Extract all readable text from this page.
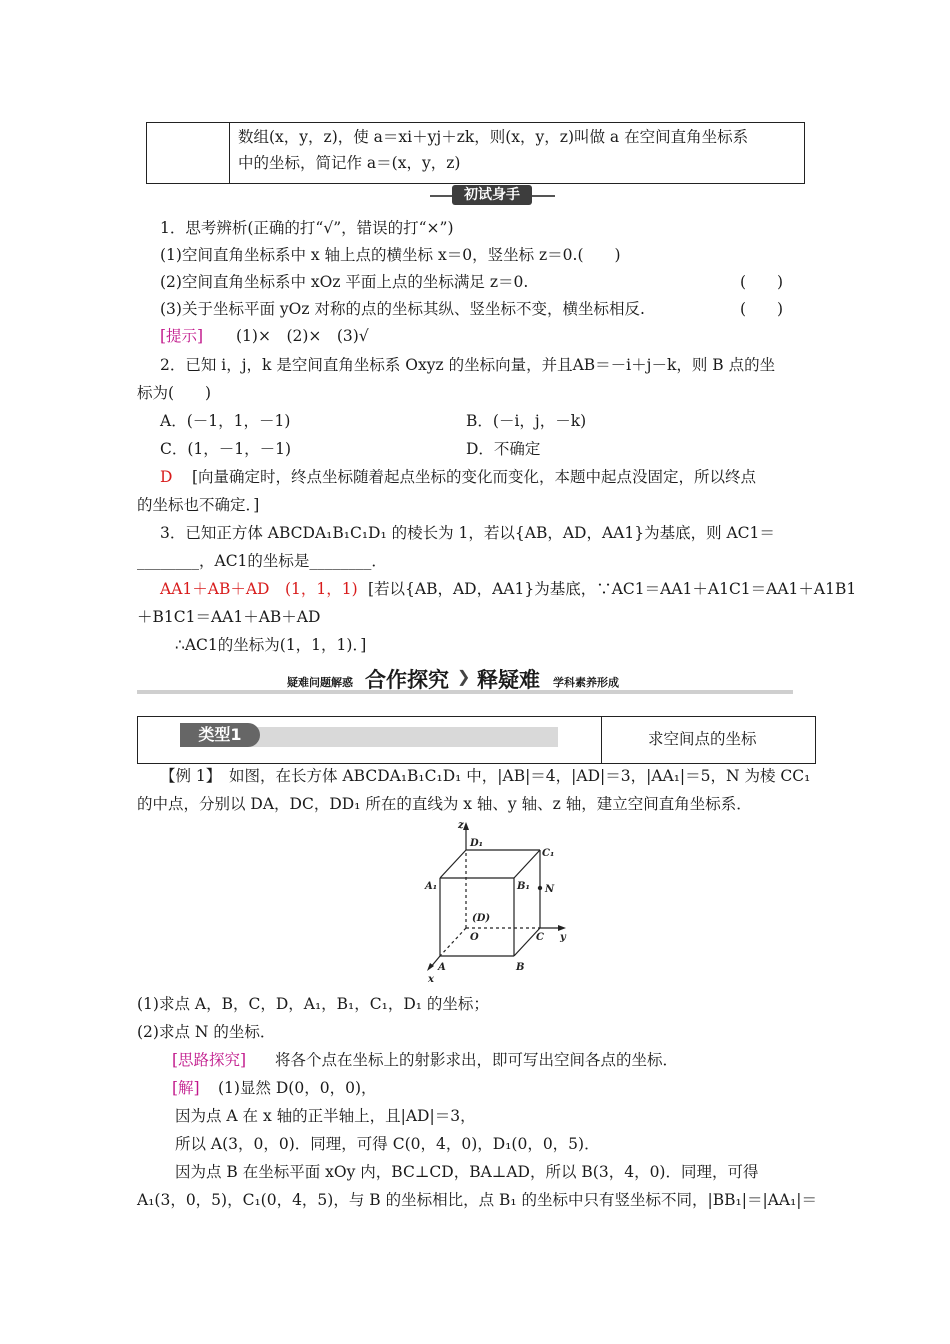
数组(x，y，z)，使 a＝xi＋yj＋zk，则(x，y，z)叫做 a 在空间直角坐标系
中的坐标，简记作 a＝(x，y，z)
初试身手
1．思考辨析(正确的打“√”，错误的打“×”)
(1)空间直角坐标系中 x 轴上点的横坐标 x＝0，竖坐标 z＝0.(　　)
(2)空间直角坐标系中 xOz 平面上点的坐标满足 z＝0.	(　　)
(3)关于坐标平面 yOz 对称的点的坐标其纵、竖坐标不变，横坐标相反.	(　　)
[提示] (1)×　(2)×　(3)√
2．已知 i，j，k 是空间直角坐标系 Oxyz 的坐标向量，并且AB＝－i＋j－k，则 B 点的坐
标为(　　)
A．(－1，1，－1)	B．(－i，j，－k)
C．(1，－1，－1)	D．不确定
D [向量确定时，终点坐标随着起点坐标的变化而变化，本题中起点没固定，所以终点
的坐标也不确定．]
3．已知正方体 ABCDA₁B₁C₁D₁ 的棱长为 1，若以{AB，AD，AA1}为基底，则 AC1＝
________，AC1的坐标是________．
AA1＋AB＋AD　(1，1，1) [若以{AB，AD，AA1}为基底，∵AC1＝AA1＋A1C1＝AA1＋A1B1
＋B1C1＝AA1＋AB＋AD
∴AC1的坐标为(1，1，1)．]
疑难问题解惑 合作探究 ❯ 释疑难 学科素养形成
类型1	求空间点的坐标
【例 1】　如图，在长方体 ABCDA₁B₁C₁D₁ 中，|AB|＝4，|AD|＝3，|AA₁|＝5，N 为棱 CC₁
的中点，分别以 DA，DC，DD₁ 所在的直线为 x 轴、y 轴、z 轴，建立空间直角坐标系．
z
D₁
C₁
A₁	B₁ N
(D)
O	C y
A	B
x
(1)求点 A，B，C，D，A₁，B₁，C₁，D₁ 的坐标；
(2)求点 N 的坐标．
[思路探究] 将各个点在坐标上的射影求出，即可写出空间各点的坐标．
[解] (1)显然 D(0，0，0)，
因为点 A 在 x 轴的正半轴上，且|AD|＝3，
所以 A(3，0，0)．同理，可得 C(0，4，0)，D₁(0，0，5)．
因为点 B 在坐标平面 xOy 内，BC⊥CD，BA⊥AD，所以 B(3，4，0)．同理，可得
A₁(3，0，5)，C₁(0，4，5)，与 B 的坐标相比，点 B₁ 的坐标中只有竖坐标不同，|BB₁|＝|AA₁|＝
